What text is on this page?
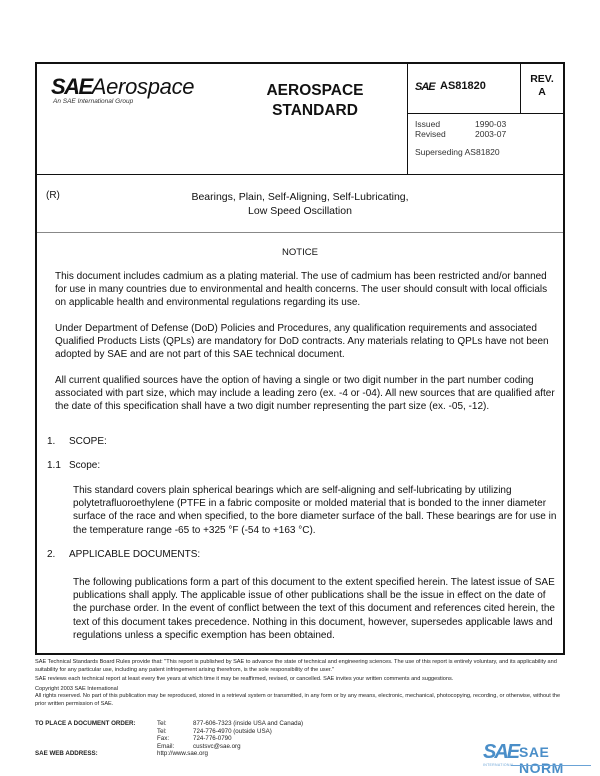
SAEAerospace
An SAE International Group
AEROSPACE
STANDARD
SAE AS81820
REV.
A
Issued	1990-03
Revised	2003-07
Superseding AS81820
(R)	Bearings, Plain, Self-Aligning, Self-Lubricating,
Low Speed Oscillation
NOTICE
This document includes cadmium as a plating material. The use of cadmium has been restricted and/or banned for use in many countries due to environmental and health concerns. The user should consult with local officials on applicable health and environmental regulations regarding its use.
Under Department of Defense (DoD) Policies and Procedures, any qualification requirements and associated Qualified Products Lists (QPLs) are mandatory for DoD contracts. Any materials relating to QPLs have not been adopted by SAE and are not part of this SAE technical document.
All current qualified sources have the option of having a single or two digit number in the part number coding associated with part size, which may include a leading zero (ex. -4 or -04). All new sources that are qualified after the date of this specification shall have a two digit number representing the part size (ex. -05, -12).
1. SCOPE:
1.1 Scope:
This standard covers plain spherical bearings which are self-aligning and self-lubricating by utilizing polytetrafluoroethylene (PTFE in a fabric composite or molded material that is bonded to the inner diameter surface of the race and when specified, to the bore diameter surface of the ball. These bearings are for use in the temperature range -65 to +325 °F (-54 to +163 °C).
2. APPLICABLE DOCUMENTS:
The following publications form a part of this document to the extent specified herein. The latest issue of SAE publications shall apply. The applicable issue of other publications shall be the issue in effect on the date of the purchase order. In the event of conflict between the text of this document and references cited herein, the text of this document takes precedence. Nothing in this document, however, supersedes applicable laws and regulations unless a specific exemption has been obtained.
SAE Technical Standards Board Rules provide that: "This report is published by SAE to advance the state of technical and engineering sciences. The use of this report is entirely voluntary, and its applicability and suitability for any particular use, including any patent infringement arising therefrom, is the sole responsibility of the user."
SAE reviews each technical report at least every five years at which time it may be reaffirmed, revised, or cancelled. SAE invites your written comments and suggestions.
Copyright 2003 SAE International
All rights reserved. No part of this publication may be reproduced, stored in a retrieval system or transmitted, in any form or by any means, electronic, mechanical, photocopying, recording, or otherwise, without the prior written permission of SAE.
TO PLACE A DOCUMENT ORDER:	Tel:	877-606-7323 (inside USA and Canada)
Tel:	724-776-4970 (outside USA)
Fax:	724-776-0790
Email:	custsvc@sae.org
SAE WEB ADDRESS:	http://www.sae.org	SAE SAE NORM
INTERNATIONAL
